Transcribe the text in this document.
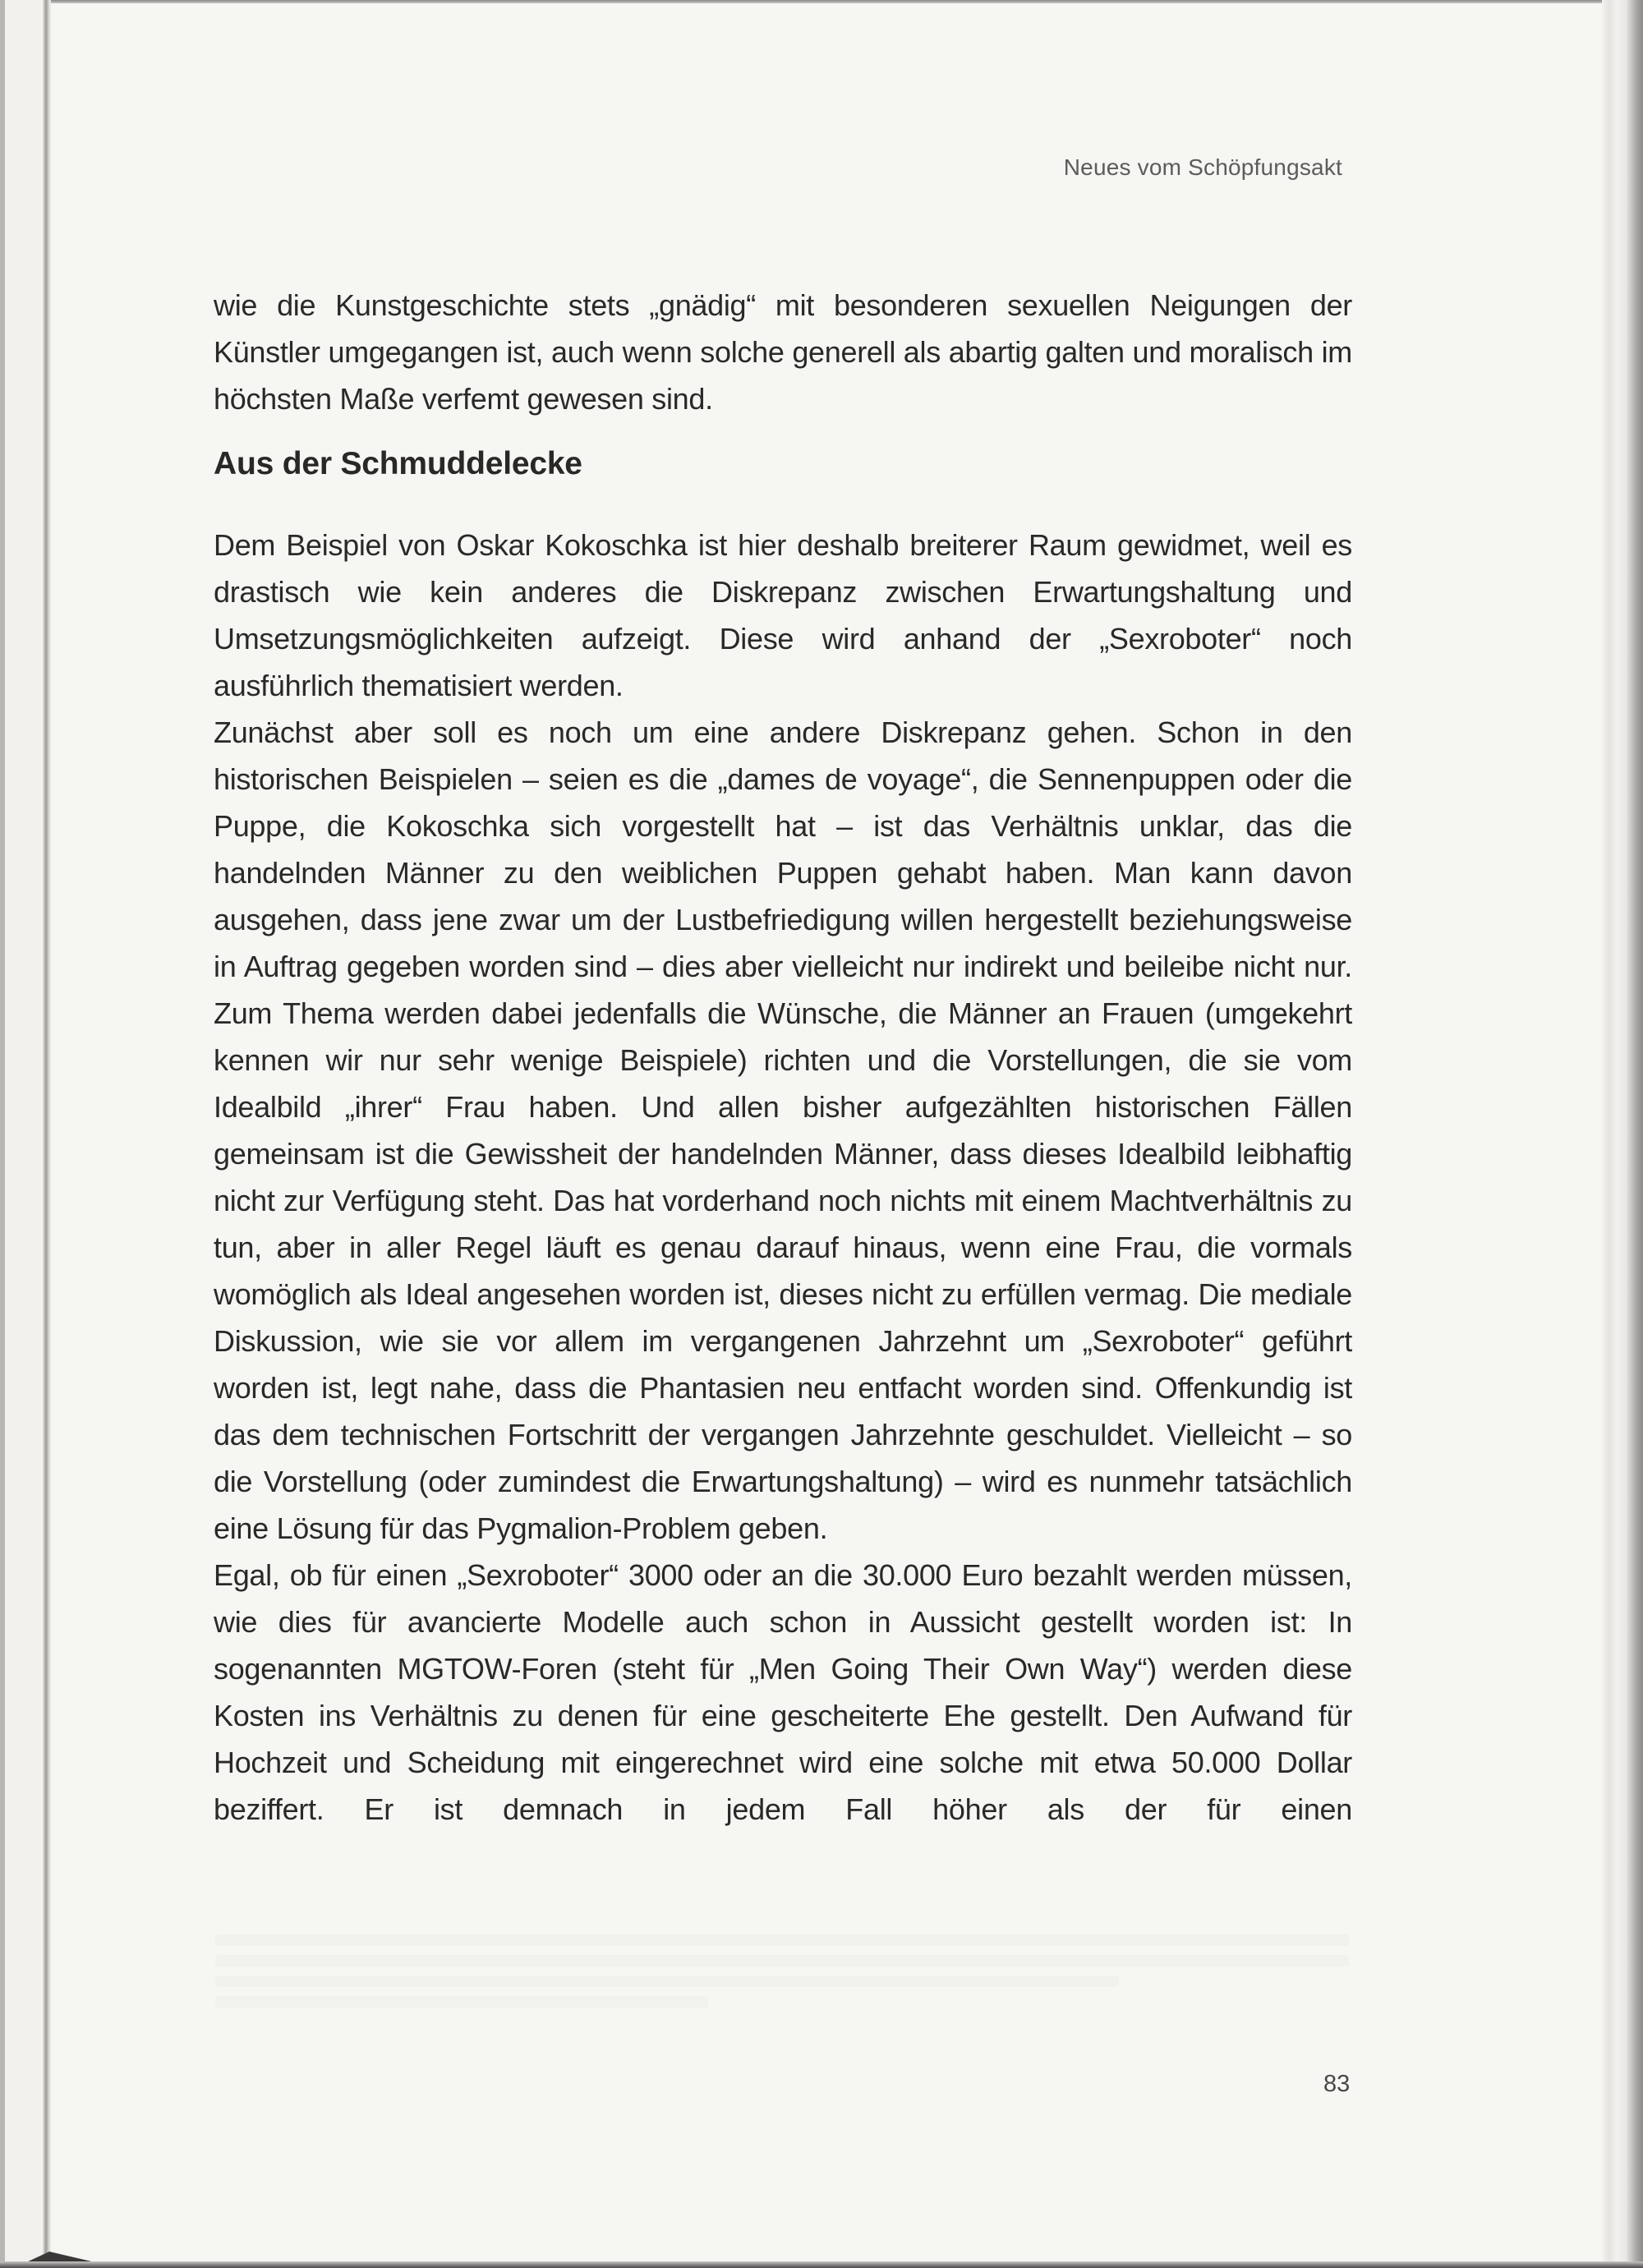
Neues vom Schöpfungsakt

wie die Kunstgeschichte stets „gnädig“ mit besonderen sexuellen Neigungen der Künstler umgegangen ist, auch wenn solche generell als abartig galten und moralisch im höchsten Maße verfemt gewesen sind.

Aus der Schmuddelecke

Dem Beispiel von Oskar Kokoschka ist hier deshalb breiterer Raum gewidmet, weil es drastisch wie kein anderes die Diskrepanz zwischen Erwartungshaltung und Umsetzungsmöglichkeiten aufzeigt. Diese wird anhand der „Sexroboter“ noch ausführlich thematisiert werden.

Zunächst aber soll es noch um eine andere Diskrepanz gehen. Schon in den historischen Beispielen – seien es die „dames de voyage“, die Sennenpuppen oder die Puppe, die Kokoschka sich vorgestellt hat – ist das Verhältnis unklar, das die handelnden Männer zu den weiblichen Puppen gehabt haben. Man kann davon ausgehen, dass jene zwar um der Lustbefriedigung willen hergestellt beziehungsweise in Auftrag gegeben worden sind – dies aber vielleicht nur indirekt und beileibe nicht nur. Zum Thema werden dabei jedenfalls die Wünsche, die Männer an Frauen (umgekehrt kennen wir nur sehr wenige Beispiele) richten und die Vorstellungen, die sie vom Idealbild „ihrer“ Frau haben. Und allen bisher aufgezählten historischen Fällen gemeinsam ist die Gewissheit der handelnden Männer, dass dieses Idealbild leibhaftig nicht zur Verfügung steht. Das hat vorderhand noch nichts mit einem Machtverhältnis zu tun, aber in aller Regel läuft es genau darauf hinaus, wenn eine Frau, die vormals womöglich als Ideal angesehen worden ist, dieses nicht zu erfüllen vermag. Die mediale Diskussion, wie sie vor allem im vergangenen Jahrzehnt um „Sexroboter“ geführt worden ist, legt nahe, dass die Phantasien neu entfacht worden sind. Offenkundig ist das dem technischen Fortschritt der vergangen Jahrzehnte geschuldet. Vielleicht – so die Vorstellung (oder zumindest die Erwartungshaltung) – wird es nunmehr tatsächlich eine Lösung für das Pygmalion-Problem geben.

Egal, ob für einen „Sexroboter“ 3000 oder an die 30.000 Euro bezahlt werden müssen, wie dies für avancierte Modelle auch schon in Aussicht gestellt worden ist: In sogenannten MGTOW-Foren (steht für „Men Going Their Own Way“) werden diese Kosten ins Verhältnis zu denen für eine gescheiterte Ehe gestellt. Den Aufwand für Hochzeit und Scheidung mit eingerechnet wird eine solche mit etwa 50.000 Dollar beziffert. Er ist demnach in jedem Fall höher als der für einen

83
